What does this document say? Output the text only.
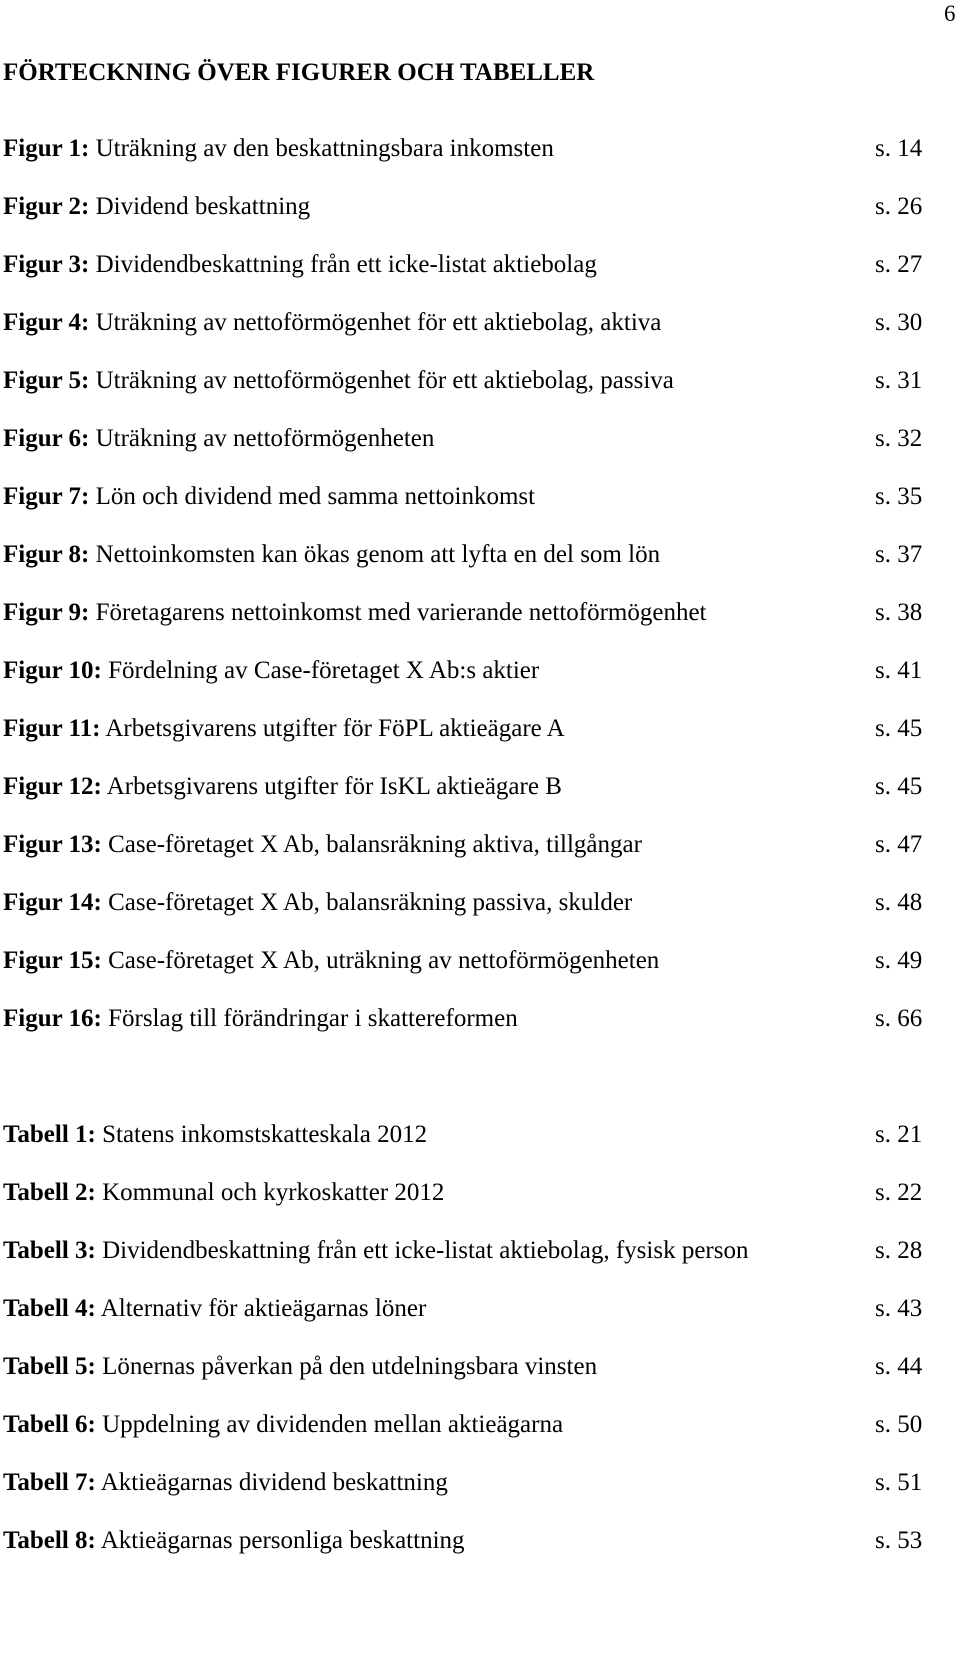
6
FÖRTECKNING ÖVER FIGURER OCH TABELLER
Figur 1: Uträkning av den beskattningsbara inkomsten	s. 14
Figur 2: Dividend beskattning	s. 26
Figur 3: Dividendbeskattning från ett icke-listat aktiebolag	s. 27
Figur 4: Uträkning av nettoförmögenhet för ett aktiebolag, aktiva	s. 30
Figur 5: Uträkning av nettoförmögenhet för ett aktiebolag, passiva	s. 31
Figur 6: Uträkning av nettoförmögenheten	s. 32
Figur 7: Lön och dividend med samma nettoinkomst	s. 35
Figur 8: Nettoinkomsten kan ökas genom att lyfta en del som lön	s. 37
Figur 9: Företagarens nettoinkomst med varierande nettoförmögenhet	s. 38
Figur 10: Fördelning av Case-företaget X Ab:s aktier	s. 41
Figur 11: Arbetsgivarens utgifter för FöPL aktieägare A	s. 45
Figur 12: Arbetsgivarens utgifter för IsKL aktieägare B	s. 45
Figur 13: Case-företaget X Ab, balansräkning aktiva, tillgångar	s. 47
Figur 14: Case-företaget X Ab, balansräkning passiva, skulder	s. 48
Figur 15: Case-företaget X Ab, uträkning av nettoförmögenheten	s. 49
Figur 16: Förslag till förändringar i skattereformen	s. 66
Tabell 1: Statens inkomstskatteskala 2012	s. 21
Tabell 2: Kommunal och kyrkoskatter 2012	s. 22
Tabell 3: Dividendbeskattning från ett icke-listat aktiebolag, fysisk person	s. 28
Tabell 4: Alternativ för aktieägarnas löner	s. 43
Tabell 5: Lönernas påverkan på den utdelningsbara vinsten	s. 44
Tabell 6: Uppdelning av dividenden mellan aktieägarna	s. 50
Tabell 7: Aktieägarnas dividend beskattning	s. 51
Tabell 8: Aktieägarnas personliga beskattning	s. 53
